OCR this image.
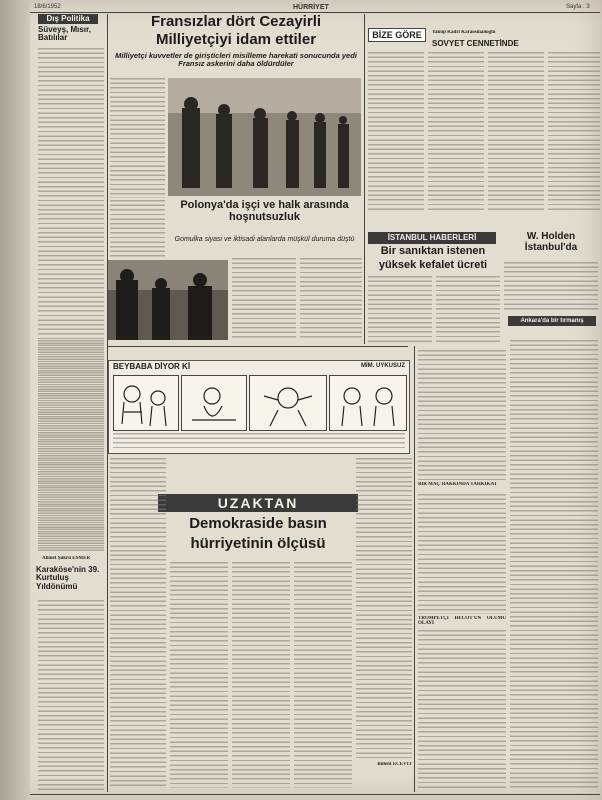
18/6/1952	HÜRRİYET	Sayfa : 3
Dış Politika
Süveyş, Mısır, Batılılar
Ahmet Şükrü ESMER
Karaköse'nin 39. Kurtuluş Yıldönümü
Fransızlar dört Cezayirli
Milliyetçiyi idam ettiler
Milliyetçi kuvvetler de girişticleri misilleme harekati sonucunda yedi Fransız askerini daha öldürdüler
Polonya'da işçi ve halk arasında hoşnutsuzluk
Gomulka siyasi ve iktisadi alanlarda müşkül duruma düştü
BİZE GÖRE	Yakup Kadri Karaosmanoğlu
SOVYET CENNETİNDE
İSTANBUL HABERLERİ
Bir sanıktan istenen
yüksek kefalet ücreti
W. Holden İstanbul'da
Ankara'da bir tırmanış
BEYBABA DİYOR Kİ	MİM. UYKUSUZ
UZAKTAN
Demokraside basın
hürriyetinin ölçüsü
Bülent ECEVİT
BİR MAÇ HAKKINDA TAHKİKAT
TROMPETÇİ HECOT'UN ÖLÜMÜ OLAYI
